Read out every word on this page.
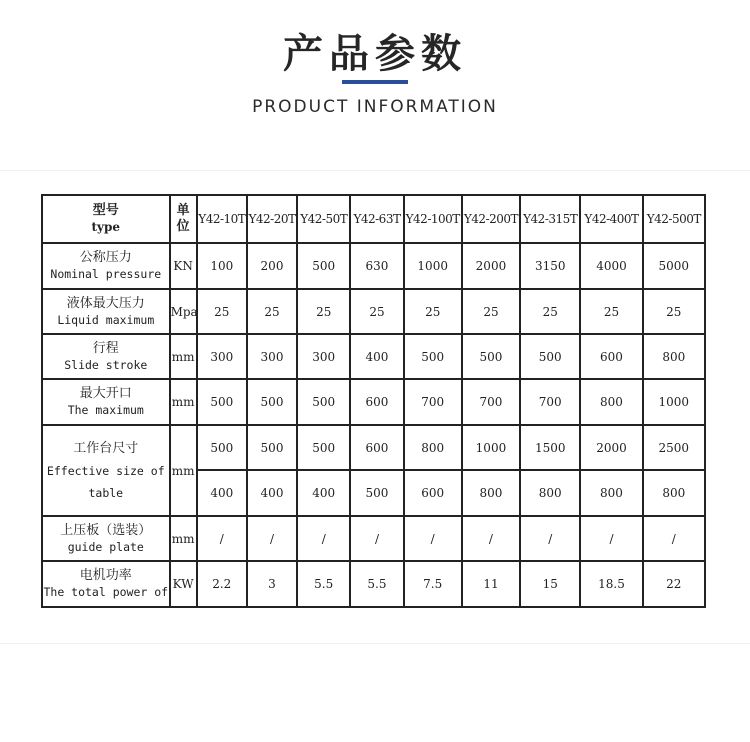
产品参数
PRODUCT INFORMATION
型号
type	单位	Y42-10T	Y42-20T	Y42-50T	Y42-63T	Y42-100T	Y42-200T	Y42-315T	Y42-400T	Y42-500T

公称压力
Nominal pressure	KN	100	200	500	630	1000	2000	3150	4000	5000

液体最大压力
Liquid maximum	Mpa	25	25	25	25	25	25	25	25	25

行程
Slide stroke	mm	300	300	300	400	500	500	500	600	800

最大开口
The maximum	mm	500	500	500	600	700	700	700	800	1000

工作台尺寸
Effective size of
table	mm	500	500	500	600	800	1000	1500	2000	2500
		400	400	400	500	600	800	800	800	800

上压板（选装）
guide plate	mm	/	/	/	/	/	/	/	/	/

电机功率
The total power of	KW	2.2	3	5.5	5.5	7.5	11	15	18.5	22
